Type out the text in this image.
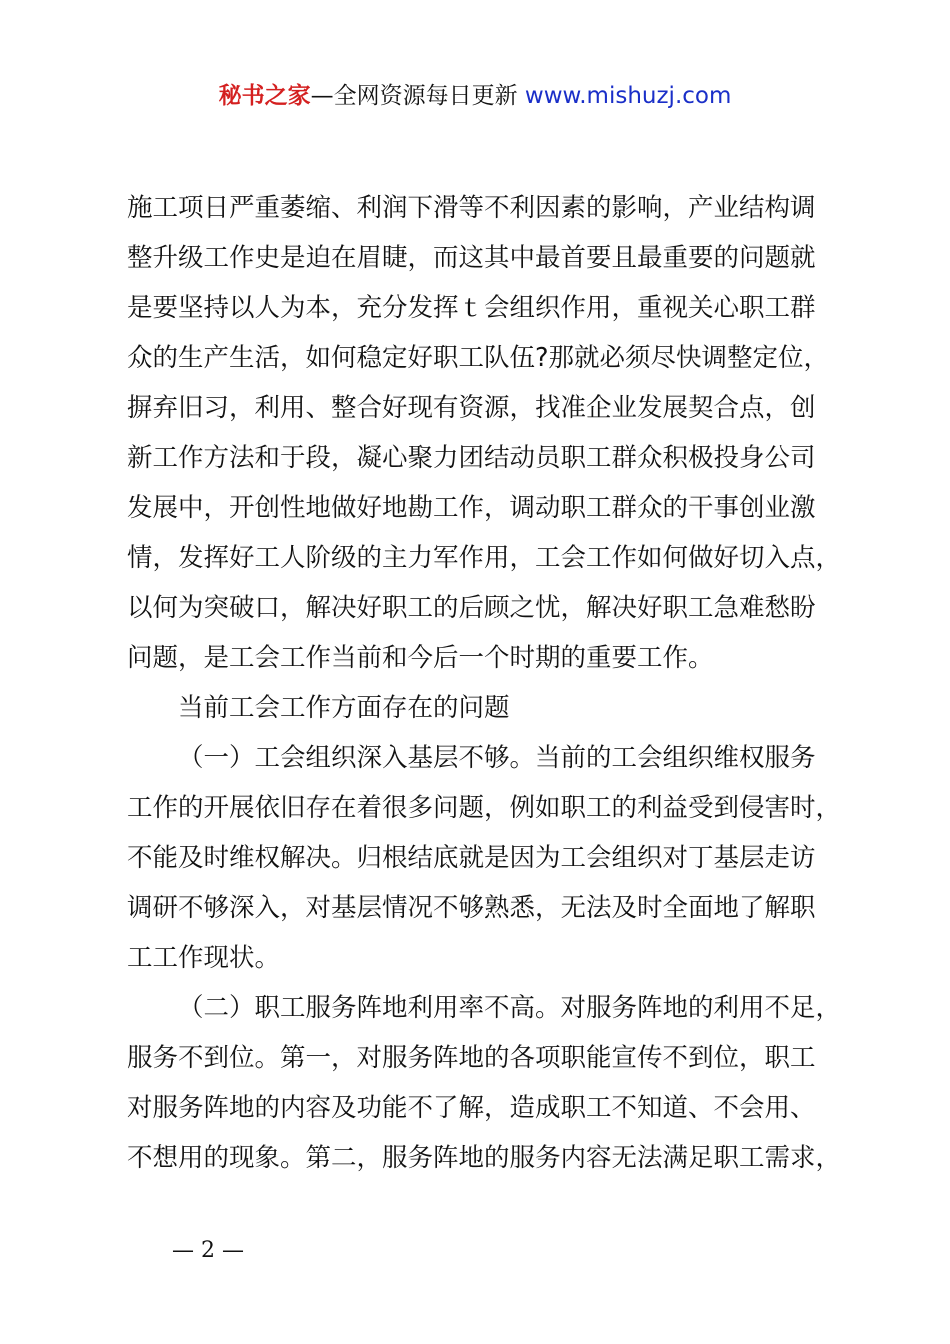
秘书之家—全网资源每日更新 www.mishuzj.com
施工项日严重萎缩、利润下滑等不利因素的影响，产业结构调
整升级工作史是迫在眉睫，而这其中最首要且最重要的问题就
是要坚持以人为本，充分发挥ｔ会组织作用，重视关心职工群
众的生产生活，如何稳定好职工队伍?那就必须尽快调整定位，
摒弃旧习，利用、整合好现有资源，找准企业发展契合点，创
新工作方法和于段，凝心聚力团结动员职工群众积极投身公司
发展中，开创性地做好地勘工作，调动职工群众的干事创业激
情，发挥好工人阶级的主力军作用，工会工作如何做好切入点，
以何为突破口，解决好职工的后顾之忧，解决好职工急难愁盼
问题，是工会工作当前和今后一个时期的重要工作。
当前工会工作方面存在的问题
（一）工会组织深入基层不够。当前的工会组织维权服务
工作的开展依旧存在着很多问题，例如职工的利益受到侵害时，
不能及时维权解决。归根结底就是因为工会组织对丁基层走访
调研不够深入，对基层情况不够熟悉，无法及时全面地了解职
工工作现状。
（二）职工服务阵地利用率不高。对服务阵地的利用不足，
服务不到位。第一，对服务阵地的各项职能宣传不到位，职工
对服务阵地的内容及功能不了解，造成职工不知道、不会用、
不想用的现象。第二，服务阵地的服务内容无法满足职工需求，
— 2 —
